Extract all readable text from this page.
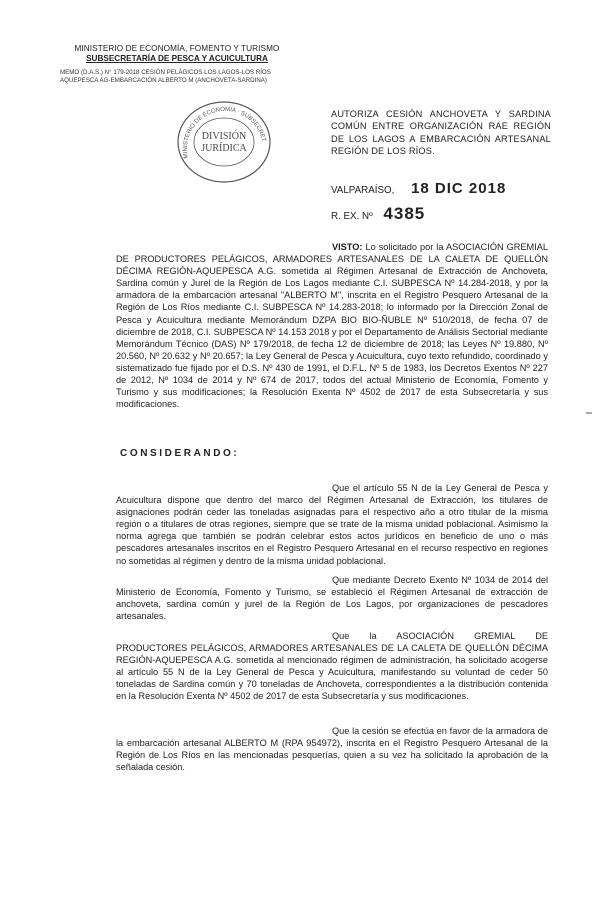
MINISTERIO DE ECONOMÍA, FOMENTO Y TURISMO
SUBSECRETARÍA DE PESCA Y ACUICULTURA
MEMO (D.A.S.) N° 179-2018 CESIÓN PELÁGICOS LOS LAGOS-LOS RÍOS
AQUEPESCA AG-EMBARCACIÓN ALBERTO M (ANCHOVETA-SARDINA)
MINISTERIO DE ECONOMÍA · SUBSECRET
DIVISIÓN
JURÍDICA
AUTORIZA CESIÓN ANCHOVETA Y SARDINA COMÚN ENTRE ORGANIZACIÓN RAE REGIÓN DE LOS LAGOS A EMBARCACIÓN ARTESANAL REGIÓN DE LOS RÍOS.
VALPARAÍSO, 18 DIC 2018
R. EX. Nº 4385
VISTO: Lo solicitado por la ASOCIACIÓN GREMIAL DE PRODUCTORES PELÁGICOS, ARMADORES ARTESANALES DE LA CALETA DE QUELLÓN DÉCIMA REGIÓN-AQUEPESCA A.G. sometida al Régimen Artesanal de Extracción de Anchoveta, Sardina común y Jurel de la Región de Los Lagos mediante C.I. SUBPESCA Nº 14.284-2018, y por la armadora de la embarcación artesanal "ALBERTO M", inscrita en el Registro Pesquero Artesanal de la Región de Los Ríos mediante C.I. SUBPESCA Nº 14.283-2018; lo informado por la Dirección Zonal de Pesca y Acuicultura mediante Memorándum DZPA BIO BIO-ÑUBLE Nº 510/2018, de fecha 07 de diciembre de 2018, C.I. SUBPESCA Nº 14.153 2018 y por el Departamento de Análisis Sectorial mediante Memorándum Técnico (DAS) Nº 179/2018, de fecha 12 de diciembre de 2018; las Leyes Nº 19.880, Nº 20.560, Nº 20.632 y Nº 20.657; la Ley General de Pesca y Acuicultura, cuyo texto refundido, coordinado y sistematizado fue fijado por el D.S. Nº 430 de 1991, el D.F.L. Nº 5 de 1983, los Decretos Exentos Nº 227 de 2012, Nº 1034 de 2014 y Nº 674 de 2017, todos del actual Ministerio de Economía, Fomento y Turismo y sus modificaciones; la Resolución Exenta Nº 4502 de 2017 de esta Subsecretaría y sus modificaciones.
CONSIDERANDO:
Que el artículo 55 N de la Ley General de Pesca y Acuicultura dispone que dentro del marco del Régimen Artesanal de Extracción, los titulares de asignaciones podrán ceder las toneladas asignadas para el respectivo año a otro titular de la misma región o a titulares de otras regiones, siempre que se trate de la misma unidad poblacional. Asimismo la norma agrega que también se podrán celebrar estos actos jurídicos en beneficio de uno o más pescadores artesanales inscritos en el Registro Pesquero Artesanal en el recurso respectivo en regiones no sometidas al régimen y dentro de la misma unidad poblacional.
Que mediante Decreto Exento Nº 1034 de 2014 del Ministerio de Economía, Fomento y Turismo, se estableció el Régimen Artesanal de extracción de anchoveta, sardina común y jurel de la Región de Los Lagos, por organizaciones de pescadores artesanales.
Que la ASOCIACIÓN GREMIAL DE PRODUCTORES PELÁGICOS, ARMADORES ARTESANALES DE LA CALETA DE QUELLÓN DÉCIMA REGIÓN-AQUEPESCA A.G. sometida al mencionado régimen de administración, ha solicitado acogerse al artículo 55 N de la Ley General de Pesca y Acuicultura, manifestando su voluntad de ceder 50 toneladas de Sardina común y 70 toneladas de Anchoveta, correspondientes a la distribución contenida en la Resolución Exenta Nº 4502 de 2017 de esta Subsecretaría y sus modificaciones.
Que la cesión se efectúa en favor de la armadora de la embarcación artesanal ALBERTO M (RPA 954972), inscrita en el Registro Pesquero Artesanal de la Región de Los Ríos en las mencionadas pesquerías, quien a su vez ha solicitado la aprobación de la señalada cesión.
